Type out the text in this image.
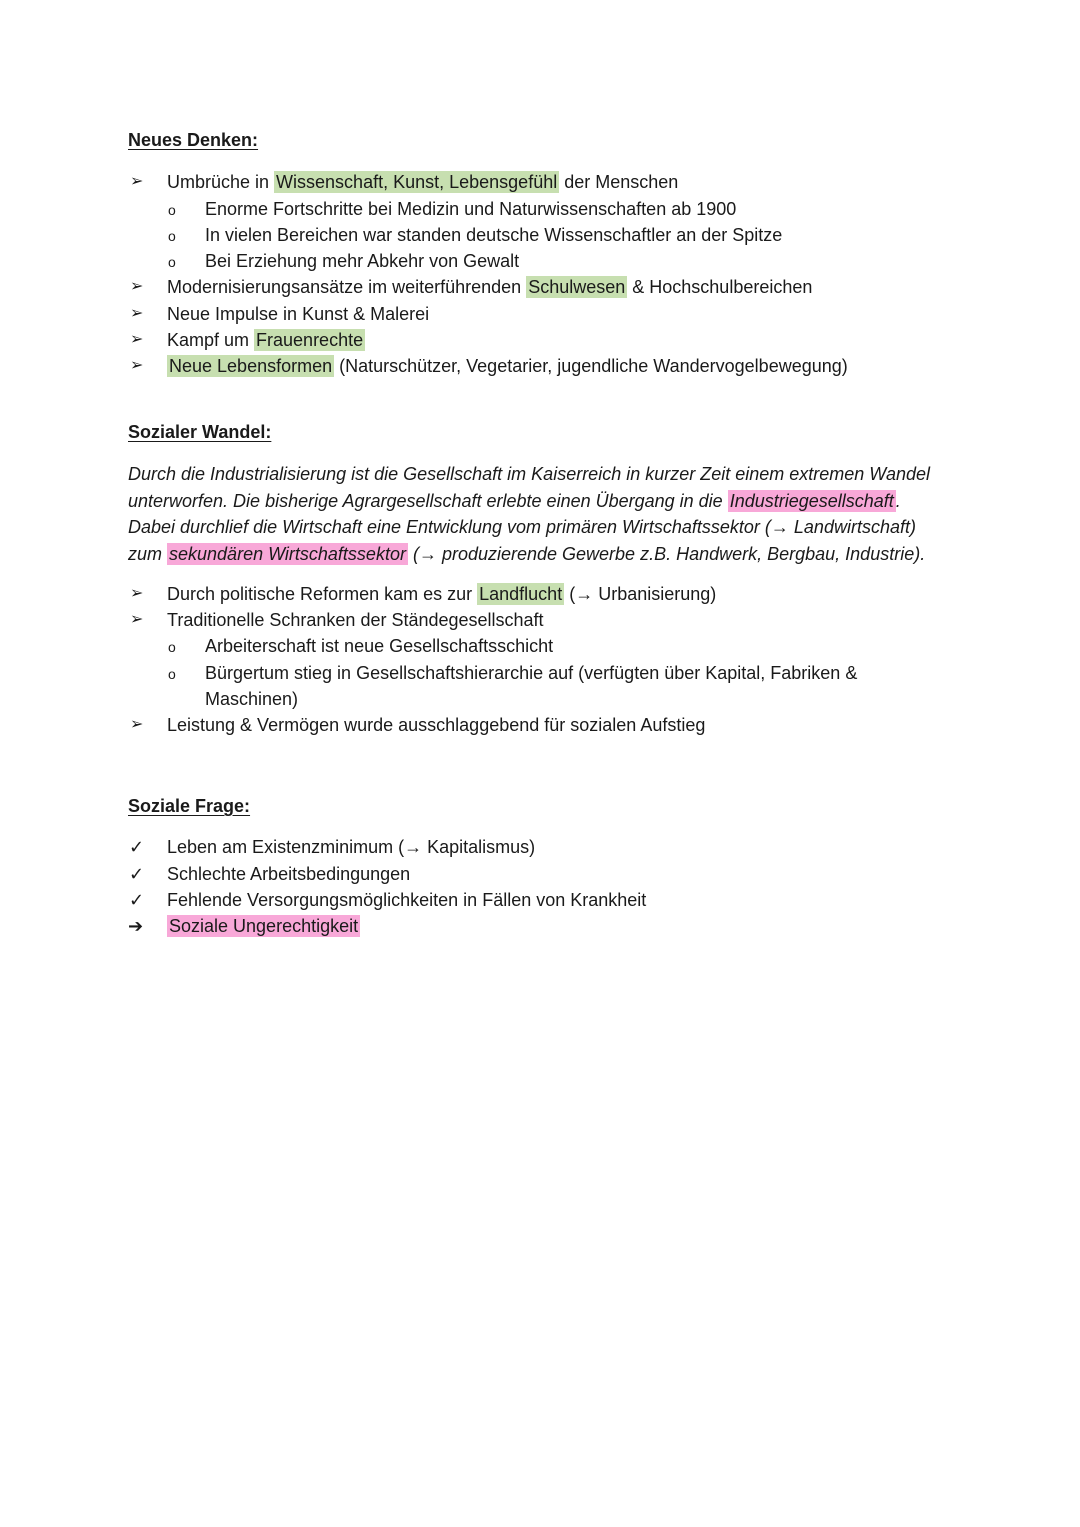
Neues Denken:
➢	Umbrüche in Wissenschaft, Kunst, Lebensgefühl der Menschen
o	Enorme Fortschritte bei Medizin und Naturwissenschaften ab 1900
o	In vielen Bereichen war standen deutsche Wissenschaftler an der Spitze
o	Bei Erziehung mehr Abkehr von Gewalt
➢	Modernisierungsansätze im weiterführenden Schulwesen & Hochschulbereichen
➢	Neue Impulse in Kunst & Malerei
➢	Kampf um Frauenrechte
➢	Neue Lebensformen (Naturschützer, Vegetarier, jugendliche Wandervogelbewegung)
Sozialer Wandel:
Durch die Industrialisierung ist die Gesellschaft im Kaiserreich in kurzer Zeit einem extremen Wandel
unterworfen. Die bisherige Agrargesellschaft erlebte einen Übergang in die Industriegesellschaft .
Dabei durchlief die Wirtschaft eine Entwicklung vom primären Wirtschaftssektor (→ Landwirtschaft)
zum sekundären Wirtschaftssektor (→ produzierende Gewerbe z.B. Handwerk, Bergbau, Industrie).
➢	Durch politische Reformen kam es zur Landflucht (→ Urbanisierung)
➢	Traditionelle Schranken der Ständegesellschaft
o	Arbeiterschaft ist neue Gesellschaftsschicht
o	Bürgertum stieg in Gesellschaftshierarchie auf (verfügten über Kapital, Fabriken &
Maschinen)
➢	Leistung & Vermögen wurde ausschlaggebend für sozialen Aufstieg
Soziale Frage:
✓ Leben am Existenzminimum (→ Kapitalismus)
✓ Schlechte Arbeitsbedingungen
✓ Fehlende Versorgungsmöglichkeiten in Fällen von Krankheit
➔ Soziale Ungerechtigkeit
